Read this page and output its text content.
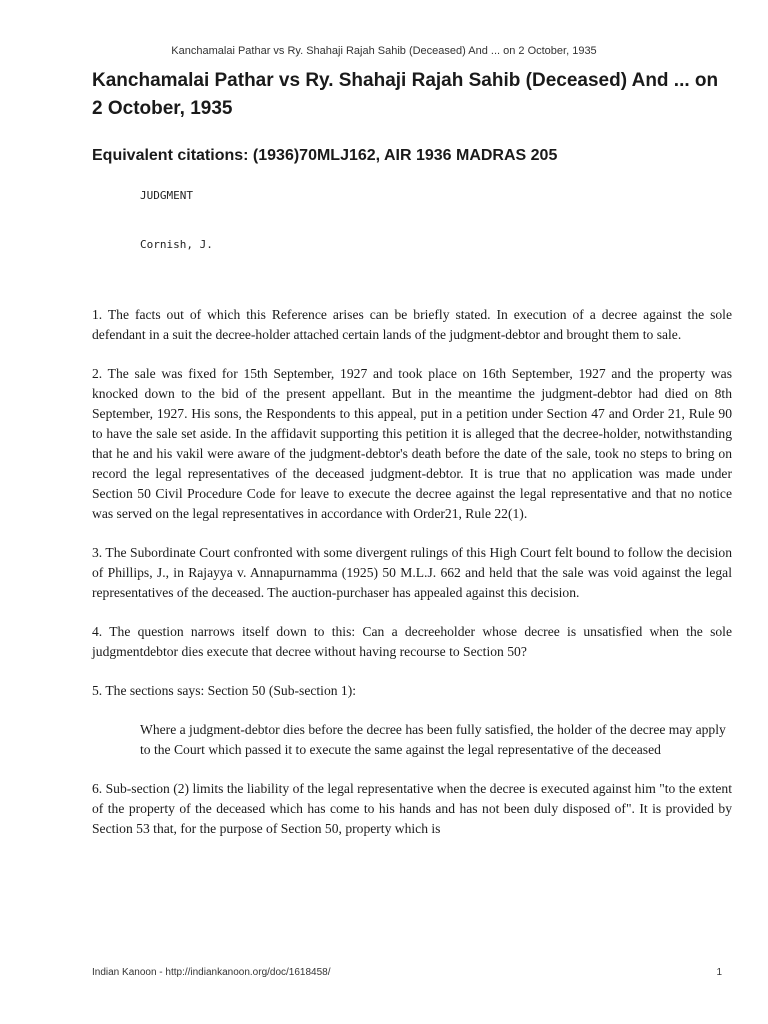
Kanchamalai Pathar vs Ry. Shahaji Rajah Sahib (Deceased) And ... on 2 October, 1935
Kanchamalai Pathar vs Ry. Shahaji Rajah Sahib (Deceased) And ... on 2 October, 1935
Equivalent citations: (1936)70MLJ162, AIR 1936 MADRAS 205
JUDGMENT
Cornish, J.

1. The facts out of which this Reference arises can be briefly stated. In execution of a decree against the sole defendant in a suit the decree-holder attached certain lands of the judgment-debtor and brought them to sale.

2. The sale was fixed for 15th September, 1927 and took place on 16th September, 1927 and the property was knocked down to the bid of the present appellant. But in the meantime the judgment-debtor had died on 8th September, 1927. His sons, the Respondents to this appeal, put in a petition under Section 47 and Order 21, Rule 90 to have the sale set aside. In the affidavit supporting this petition it is alleged that the decree-holder, notwithstanding that he and his vakil were aware of the judgment-debtor's death before the date of the sale, took no steps to bring on record the legal representatives of the deceased judgment-debtor. It is true that no application was made under Section 50 Civil Procedure Code for leave to execute the decree against the legal representative and that no notice was served on the legal representatives in accordance with Order21, Rule 22(1).

3. The Subordinate Court confronted with some divergent rulings of this High Court felt bound to follow the decision of Phillips, J., in Rajayya v. Annapurnamma (1925) 50 M.L.J. 662 and held that the sale was void against the legal representatives of the deceased. The auction-purchaser has appealed against this decision.

4. The question narrows itself down to this: Can a decreeholder whose decree is unsatisfied when the sole judgmentdebtor dies execute that decree without having recourse to Section 50?

5. The sections says: Section 50 (Sub-section 1):

Where a judgment-debtor dies before the decree has been fully satisfied, the holder of the decree may apply to the Court which passed it to execute the same against the legal representative of the deceased

6. Sub-section (2) limits the liability of the legal representative when the decree is executed against him "to the extent of the property of the deceased which has come to his hands and has not been duly disposed of". It is provided by Section 53 that, for the purpose of Section 50, property which is

Indian Kanoon - http://indiankanoon.org/doc/1618458/	1
